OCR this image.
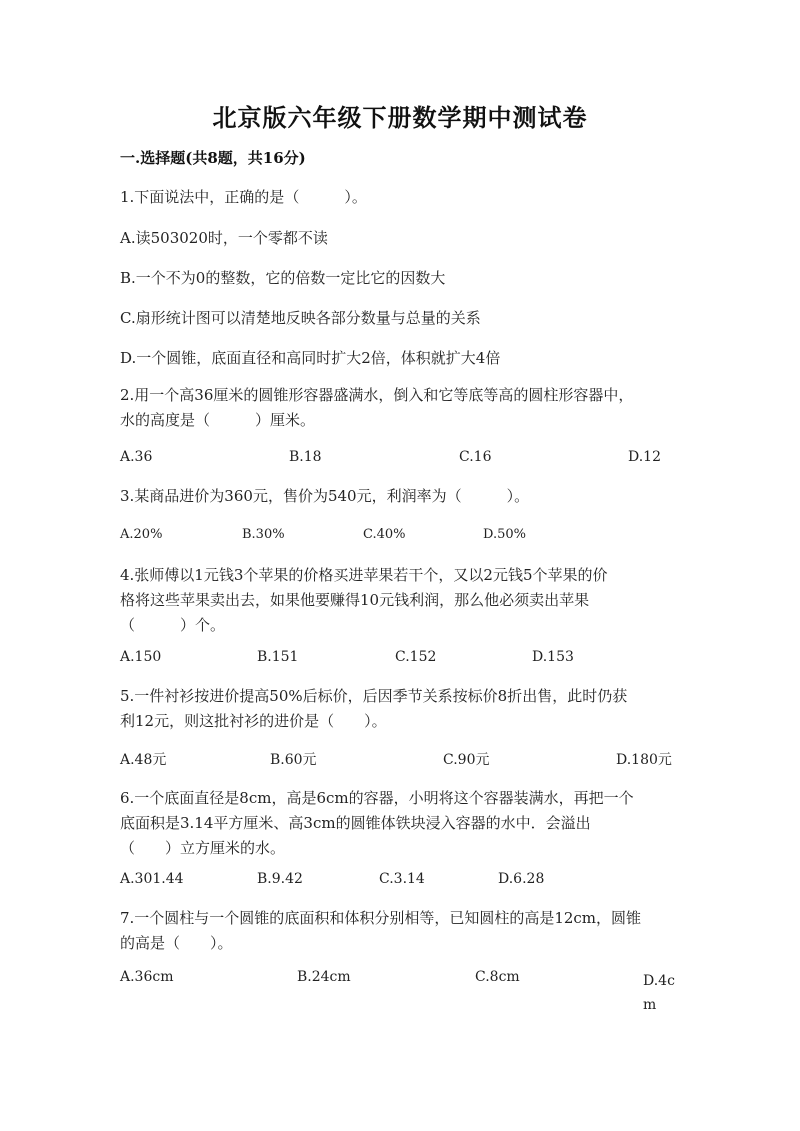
北京版六年级下册数学期中测试卷
一.选择题(共8题，共16分)
1.下面说法中，正确的是（　　　）。
A.读503020时，一个零都不读
B.一个不为0的整数，它的倍数一定比它的因数大
C.扇形统计图可以清楚地反映各部分数量与总量的关系
D.一个圆锥，底面直径和高同时扩大2倍，体积就扩大4倍
2.用一个高36厘米的圆锥形容器盛满水，倒入和它等底等高的圆柱形容器中，
水的高度是（　　　）厘米。
A.36	B.18	C.16	D.12
3.某商品进价为360元，售价为540元，利润率为（　　　）。
A.20%	B.30%	C.40%	D.50%
4.张师傅以1元钱3个苹果的价格买进苹果若干个，又以2元钱5个苹果的价
格将这些苹果卖出去，如果他要赚得10元钱利润，那么他必须卖出苹果
（　　　）个。
A.150	B.151	C.152	D.153
5.一件衬衫按进价提高50%后标价，后因季节关系按标价8折出售，此时仍获
利12元，则这批衬衫的进价是（　　）。
A.48元	B.60元	C.90元	D.180元
6.一个底面直径是8cm，高是6cm的容器，小明将这个容器装满水，再把一个
底面积是3.14平方厘米、高3cm的圆锥体铁块浸入容器的水中．会溢出
（　　）立方厘米的水。
A.301.44	B.9.42	C.3.14	D.6.28
7.一个圆柱与一个圆锥的底面积和体积分别相等，已知圆柱的高是12cm，圆锥
的高是（　　）。
A.36cm	B.24cm	C.8cm	D.4cm
